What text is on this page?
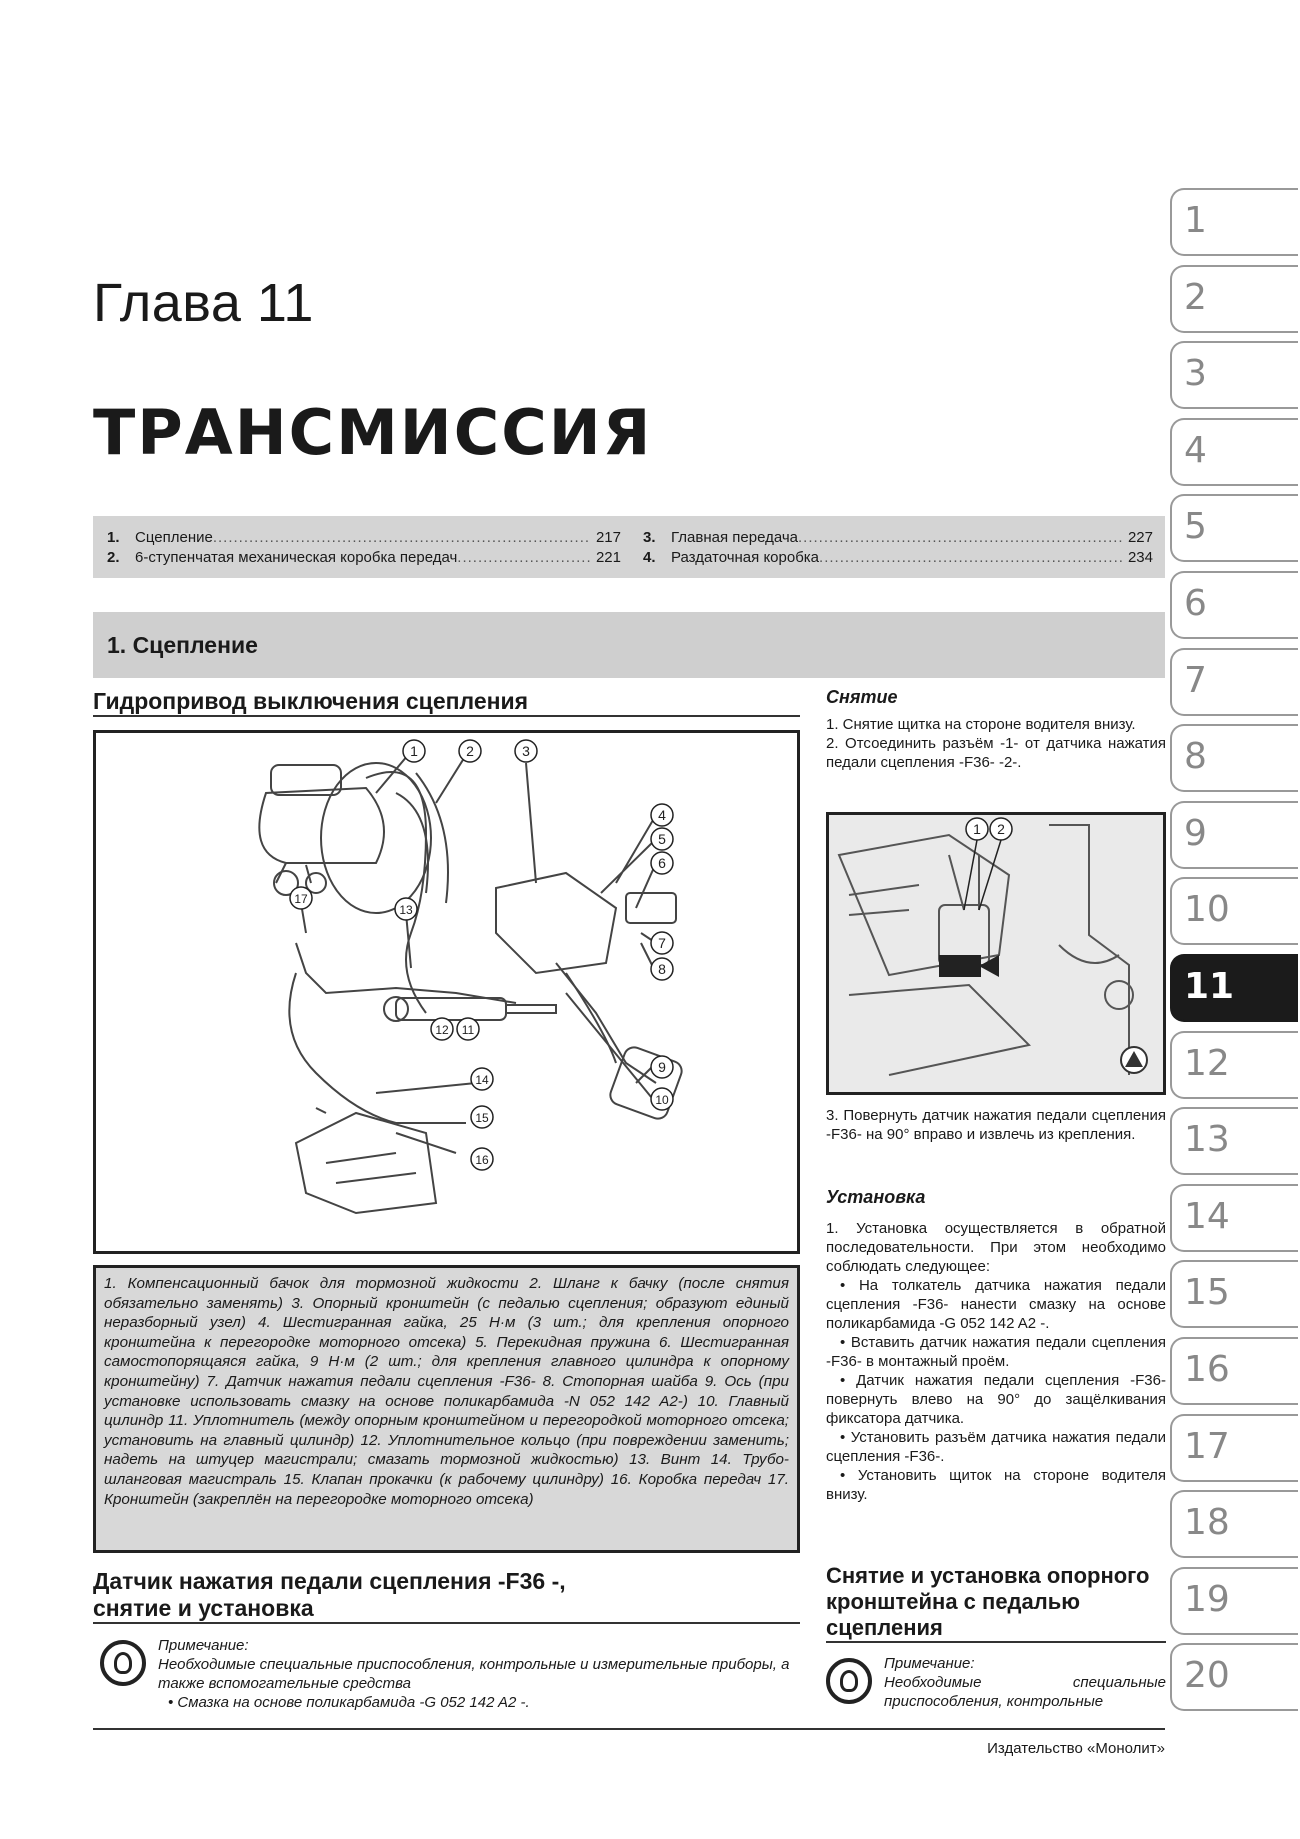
Глава 11
ТРАНСМИССИЯ
1.	Сцепление .....	217
2.	6-ступенчатая механическая коробка передач .....	221
3.	Главная передача .....	227
4.	Раздаточная коробка .....	234
1. Сцепление
Гидропривод выключения сцепления
1	2	3
4
5
6
7
8
9
10
11
12
13
14
15
16
17

1. Компенсационный бачок для тормозной жидкости 2. Шланг к бачку (после снятия обязательно заменять) 3. Опорный кронштейн (с педалью сцепления; образуют единый неразборный узел) 4. Шестигранная гайка, 25 Н·м (3 шт.; для крепления опорного кронштейна к перегородке моторного отсека) 5. Перекидная пружина 6. Шестигранная самостопорящаяся гайка, 9 Н·м (2 шт.; для крепления главного цилиндра к опорному кронштейну) 7. Датчик нажатия педали сцепления -F36- 8. Стопорная шайба 9. Ось (при установке использовать смазку на основе поликарбамида -N 052 142 A2-) 10. Главный цилиндр 11. Уплотнитель (между опорным кронштейном и перегородкой моторного отсека; установить на главный цилиндр) 12. Уплотнительное кольцо (при повреждении заменить; надеть на штуцер магистрали; смазать тормозной жидкостью) 13. Винт 14. Трубо-шланговая магистраль 15. Клапан прокачки (к рабочему цилиндру) 16. Коробка передач 17. Кронштейн (закреплён на перегородке моторного отсека)

Датчик нажатия педали сцепления -F36 -,
снятие и установка
Примечание:
Необходимые специальные приспособления, контрольные и измерительные приборы, а также вспомогательные средства
• Смазка на основе поликарбамида -G 052 142 A2 -.
Снятие

1. Снятие щитка на стороне водителя внизу.

2. Отсоединить разъём -1- от датчика нажатия педали сцепления -F36- -2-.

1 2

3. Повернуть датчик нажатия педали сцепления -F36- на 90° вправо и извлечь из крепления.

Установка

1. Установка осуществляется в обратной последовательности. При этом необходимо соблюдать следующее:

• На толкатель датчика нажатия педали сцепления -F36- нанести смазку на основе поликарбамида -G 052 142 A2 -.

• Вставить датчик нажатия педали сцепления -F36- в монтажный проём.

• Датчик нажатия педали сцепления -F36- повернуть влево на 90° до защёлкивания фиксатора датчика.

• Установить разъём датчика нажатия педали сцепления -F36-.

• Установить щиток на стороне водителя внизу.

Снятие и установка опорного кронштейна с педалью сцепления
Примечание:
Необходимые специальные приспособления, контрольные
Издательство «Монолит»
1
2
3
4
5
6
7
8
9
10
11
12
13
14
15
16
17
18
19
20
